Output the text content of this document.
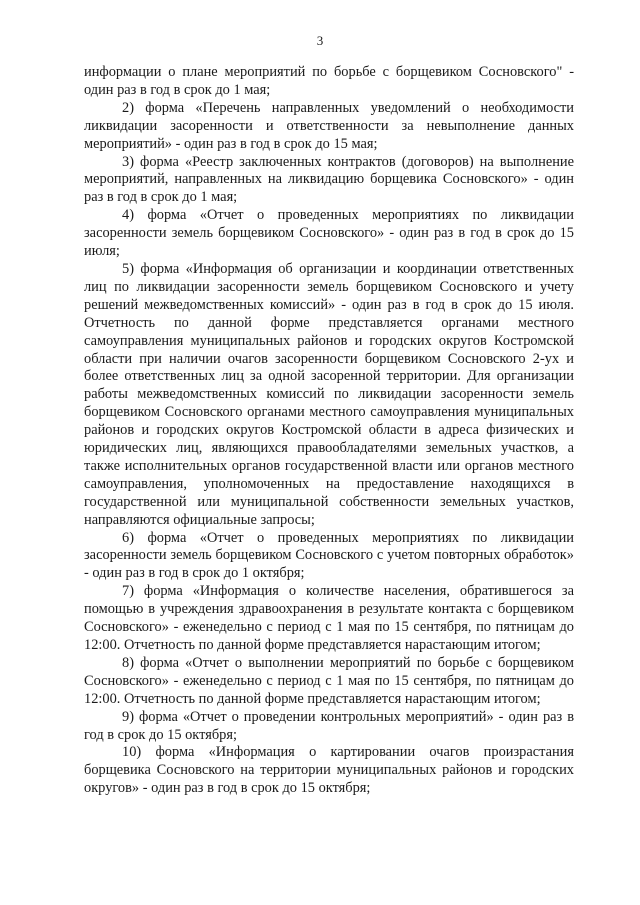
3

информации о плане мероприятий по борьбе с борщевиком Сосновского" - один раз в год в срок до 1 мая;

2) форма «Перечень направленных уведомлений о необходимости ликвидации засоренности и ответственности за невыполнение данных мероприятий» - один раз в год в срок до 15 мая;

3) форма «Реестр заключенных контрактов (договоров) на выполнение мероприятий, направленных на ликвидацию борщевика Сосновского» - один раз в год в срок до 1 мая;

4) форма «Отчет о проведенных мероприятиях по ликвидации засоренности земель борщевиком Сосновского» - один раз в год в срок до 15 июля;

5) форма «Информация об организации и координации ответственных лиц по ликвидации засоренности земель борщевиком Сосновского и учету решений межведомственных комиссий» - один раз в год в срок до 15 июля. Отчетность по данной форме представляется органами местного самоуправления муниципальных районов и городских округов Костромской области при наличии очагов засоренности борщевиком Сосновского 2-ух и более ответственных лиц за одной засоренной территории. Для организации работы межведомственных комиссий по ликвидации засоренности земель борщевиком Сосновского органами местного самоуправления муниципальных районов и городских округов Костромской области в адреса физических и юридических лиц, являющихся правообладателями земельных участков, а также исполнительных органов государственной власти или органов местного самоуправления, уполномоченных на предоставление находящихся в государственной или муниципальной собственности земельных участков, направляются официальные запросы;

6) форма «Отчет о проведенных мероприятиях по ликвидации засоренности земель борщевиком Сосновского с учетом повторных обработок» - один раз в год в срок до 1 октября;

7) форма «Информация о количестве населения, обратившегося за помощью в учреждения здравоохранения в результате контакта с борщевиком Сосновского» - еженедельно с период с 1 мая по 15 сентября, по пятницам до 12:00. Отчетность по данной форме представляется нарастающим итогом;

8) форма «Отчет о выполнении мероприятий по борьбе с борщевиком Сосновского» - еженедельно с период с 1 мая по 15 сентября, по пятницам до 12:00. Отчетность по данной форме представляется нарастающим итогом;

9) форма «Отчет о проведении контрольных мероприятий» - один раз в год в срок до 15 октября;

10) форма «Информация о картировании очагов произрастания борщевика Сосновского на территории муниципальных районов и городских округов» - один раз в год в срок до 15 октября;
